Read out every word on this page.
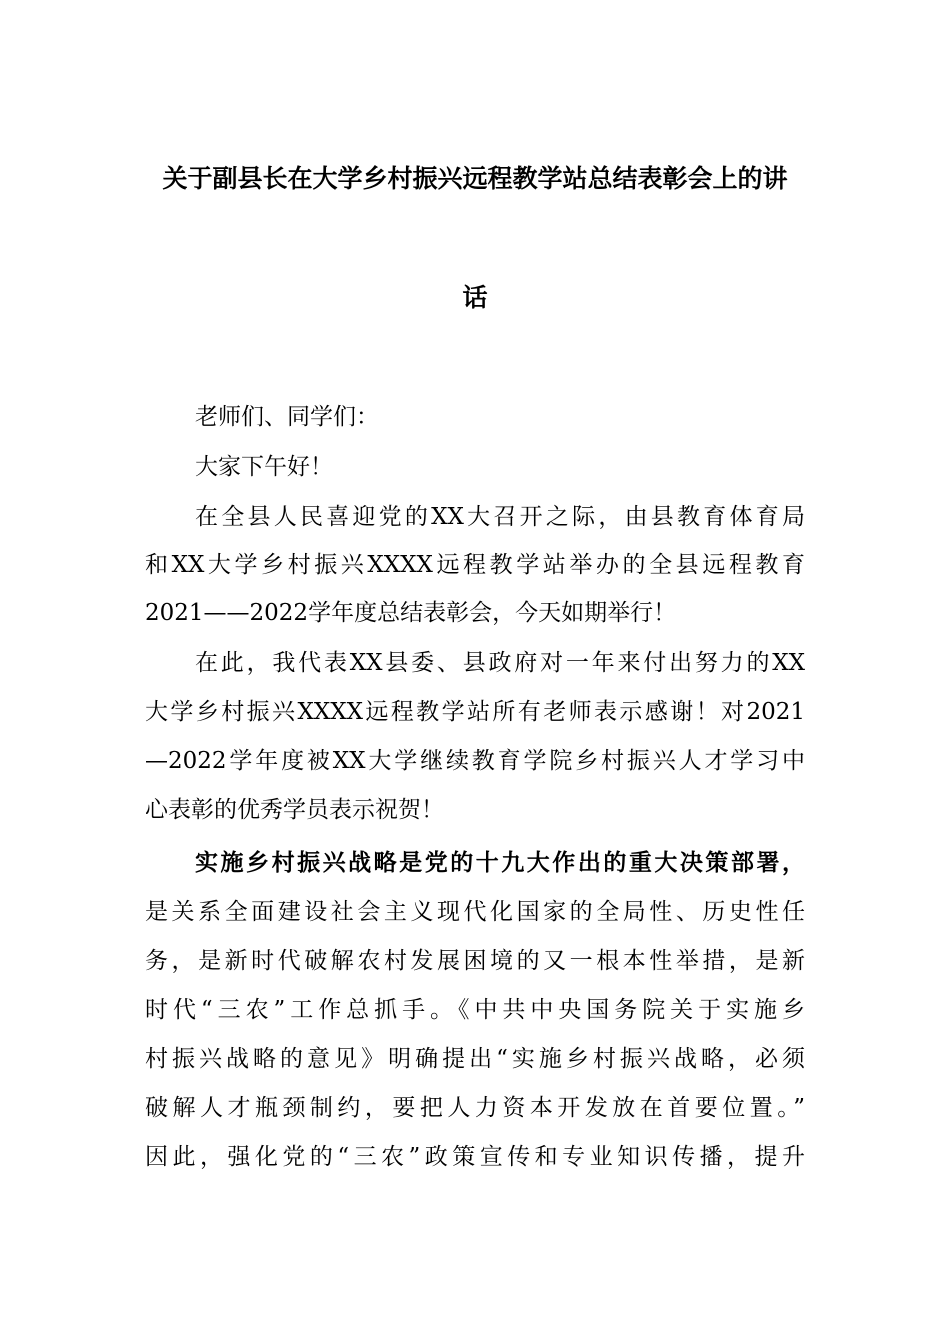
关于副县长在大学乡村振兴远程教学站总结表彰会上的讲
话
老师们、同学们：
大家下午好！
在全县人民喜迎党的XX大召开之际，由县教育体育局
和XX大学乡村振兴XXXX远程教学站举办的全县远程教育
2021——2022学年度总结表彰会，今天如期举行！
在此，我代表XX县委、县政府对一年来付出努力的XX
大学乡村振兴XXXX远程教学站所有老师表示感谢！对2021
—2022学年度被XX大学继续教育学院乡村振兴人才学习中
心表彰的优秀学员表示祝贺！
实施乡村振兴战略是党的十九大作出的重大决策部署，
是关系全面建设社会主义现代化国家的全局性、历史性任
务，是新时代破解农村发展困境的又一根本性举措，是新
时代“三农”工作总抓手。《中共中央国务院关于实施乡
村振兴战略的意见》明确提出“实施乡村振兴战略，必须
破解人才瓶颈制约，要把人力资本开发放在首要位置。”
因此，强化党的“三农”政策宣传和专业知识传播，提升
